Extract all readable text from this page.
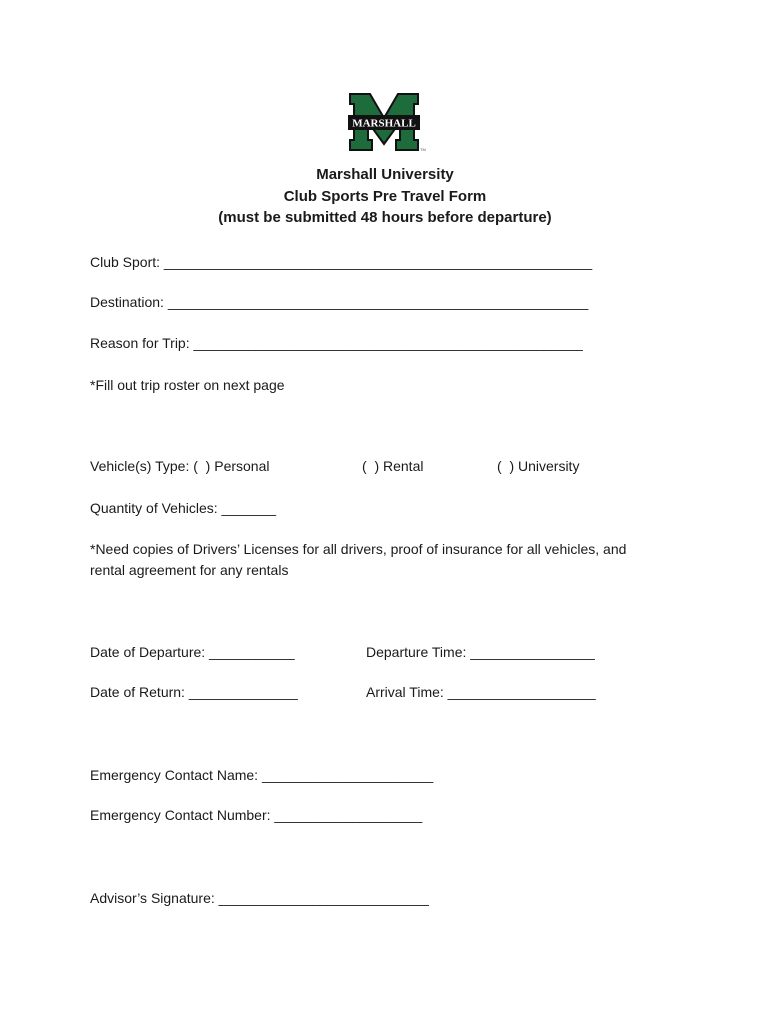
MARSHALL
TM
Marshall University
Club Sports Pre Travel Form
(must be submitted 48 hours before departure)
Club Sport: _______________________________________________________
Destination: ______________________________________________________
Reason for Trip: __________________________________________________
*Fill out trip roster on next page
Vehicle(s) Type: (  ) Personal	(  ) Rental	(  ) University
Quantity of Vehicles: _______
*Need copies of Drivers’ Licenses for all drivers, proof of insurance for all vehicles, and
rental agreement for any rentals
Date of Departure: ___________	Departure Time: ________________
Date of Return: ______________	Arrival Time: ___________________
Emergency Contact Name: ______________________
Emergency Contact Number: ___________________
Advisor’s Signature: ___________________________
